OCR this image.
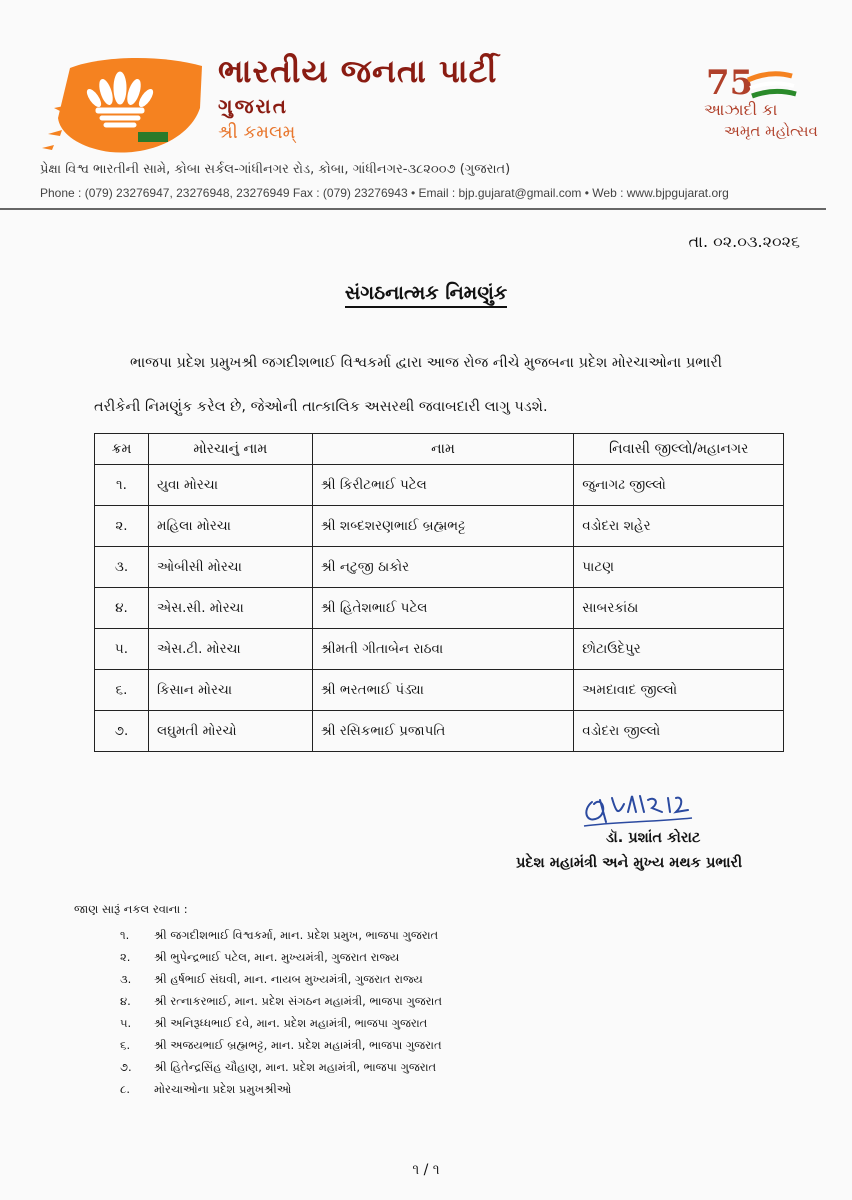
ભારતીય જનતા પાર્ટી
ગુજરાત
શ્રી કમલમ્
75
આઝાદી કા
અમૃત મહોત્સવ
પ્રેક્ષા વિશ્વ ભારતીની સામે, કોબા સર્કલ-ગાંધીનગર રોડ, કોબા, ગાંધીનગર-૩૮૨૦૦૭ (ગુજરાત)
Phone : (079) 23276947, 23276948, 23276949 Fax : (079) 23276943 • Email : bjp.gujarat@gmail.com • Web : www.bjpgujarat.org
તા. ૦૨.૦૩.૨૦૨૬
સંગઠનાત્મક નિમણુંક
ભાજપા પ્રદેશ પ્રમુખશ્રી જગદીશભાઈ વિશ્વકર્મા દ્વારા આજ રોજ નીચે મુજબના પ્રદેશ મોરચાઓના પ્રભારી
તરીકેની નિમણુંક કરેલ છે, જેઓની તાત્કાલિક અસરથી જવાબદારી લાગુ પડશે.
ક્રમ	મોરચાનું નામ	નામ	નિવાસી જીલ્લો/મહાનગર
૧.	યુવા મોરચા	શ્રી કિરીટભાઈ પટેલ	જુનાગઢ જીલ્લો
૨.	મહિલા મોરચા	શ્રી શબ્દશરણભાઈ બ્રહ્મભટ્ટ	વડોદરા શહેર
૩.	ઓબીસી મોરચા	શ્રી નટુજી ઠાકોર	પાટણ
૪.	એસ.સી. મોરચા	શ્રી હિતેશભાઈ પટેલ	સાબરકાંઠા
૫.	એસ.ટી. મોરચા	શ્રીમતી ગીતાબેન રાઠવા	છોટાઉદેપુર
૬.	કિસાન મોરચા	શ્રી ભરતભાઈ પંડ્યા	અમદાવાદ જીલ્લો
૭.	લઘુમતી મોરચો	શ્રી રસિકભાઈ પ્રજાપતિ	વડોદરા જીલ્લો
ડૉ. પ્રશાંત કોરાટ
પ્રદેશ મહામંત્રી અને મુખ્ય મથક પ્રભારી
જાણ સારૂં નકલ રવાના :
૧.	શ્રી જગદીશભાઈ વિશ્વકર્મા, માન. પ્રદેશ પ્રમુખ, ભાજપા ગુજરાત
૨.	શ્રી ભુપેન્દ્રભાઈ પટેલ, માન. મુખ્યમંત્રી, ગુજરાત રાજ્ય
૩.	શ્રી હર્ષભાઈ સંઘવી, માન. નાયબ મુખ્યમંત્રી, ગુજરાત રાજ્ય
૪.	શ્રી રત્નાકરભાઈ, માન. પ્રદેશ સંગઠન મહામંત્રી, ભાજપા ગુજરાત
૫.	શ્રી અનિરૂધ્ધભાઈ દવે, માન. પ્રદેશ મહામંત્રી, ભાજપા ગુજરાત
૬.	શ્રી અજયભાઈ બ્રહ્મભટ્ટ, માન. પ્રદેશ મહામંત્રી, ભાજપા ગુજરાત
૭.	શ્રી હિતેન્દ્રસિંહ ચૌહાણ, માન. પ્રદેશ મહામંત્રી, ભાજપા ગુજરાત
૮.	મોરચાઓના પ્રદેશ પ્રમુખશ્રીઓ
૧ / ૧
